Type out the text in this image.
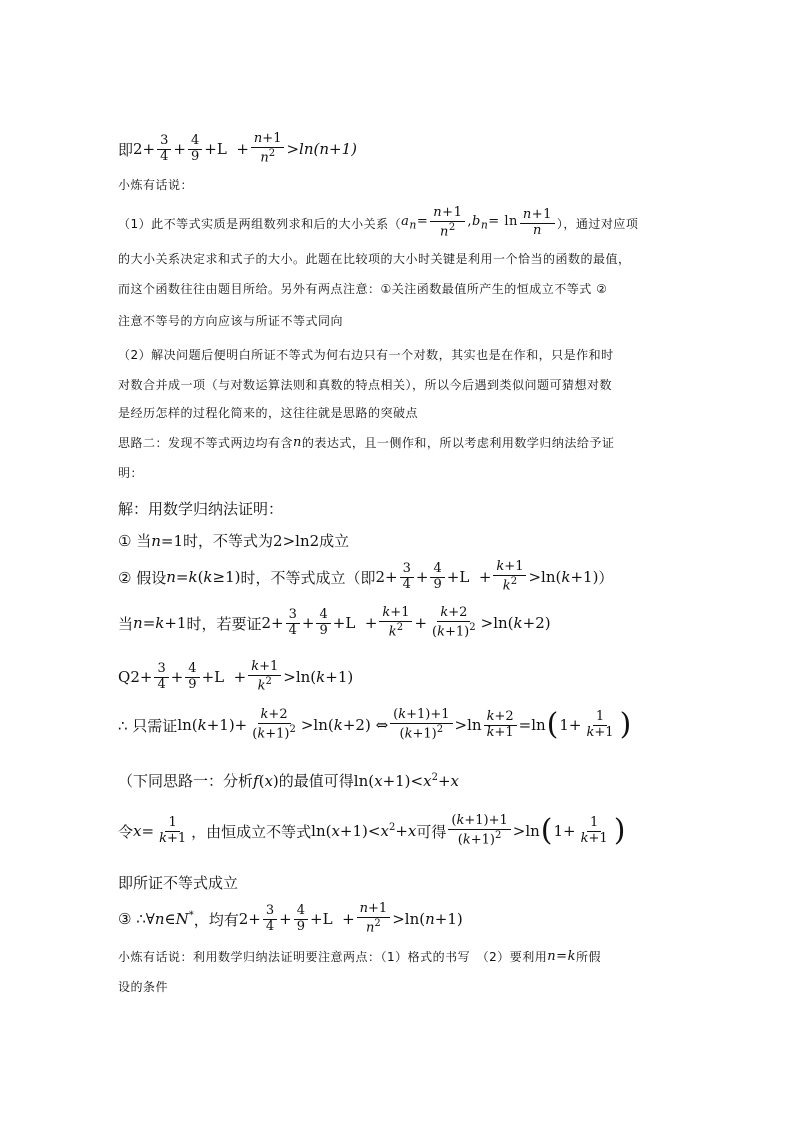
即 $2+ \frac{3}{4} + \frac{4}{9} +L + \frac{n+1}{n^2} > \ln(n+1)$
小炼有话说：
（1）此不等式实质是两组数列求和后的大小关系（ $a_n= \frac{n+1}{n^2} ,b_n= \ln \frac{n+1}{n}$ ），通过对应项
的大小关系决定求和式子的大小。此题在比较项的大小时关键是利用一个恰当的函数的最值，
而这个函数往往由题目所给。另外有两点注意：①关注函数最值所产生的恒成立不等式 ②
注意不等号的方向应该与所证不等式同向
（2）解决问题后便明白所证不等式为何右边只有一个对数，其实也是在作和，只是作和时
对数合并成一项（与对数运算法则和真数的特点相关），所以今后遇到类似问题可猜想对数
是经历怎样的过程化简来的，这往往就是思路的突破点
思路二：发现不等式两边均有含 n 的表达式，且一侧作和，所以考虑利用数学归纳法给予证
明：
解：用数学归纳法证明：
① 当 n=1 时，不等式为 2>ln2 成立
② 假设 n=k(k≥1) 时，不等式成立（即 $2+ \frac{3}{4} + \frac{4}{9} +L + \frac{k+1}{k^2} >\ln(k+1)$ ）
当 n=k+1 时，若要证 $2+ \frac{3}{4} + \frac{4}{9} +L + \frac{k+1}{k^2} + \frac{k+2}{(k+1)^2} >\ln(k+2)$
Q $2+ \frac{3}{4} + \frac{4}{9} +L + \frac{k+1}{k^2} >\ln(k+1)$
∴ 只需证 $\ln(k+1)+ \frac{k+2}{(k+1)^2} >\ln(k+2)$ ⇔ $\frac{(k+1)+1}{(k+1)^2} >\ln \frac{k+2}{k+1} =\ln$ ( $1+ \frac{1}{k+1}$ )
（下同思路一：分析 f(x) 的最值可得 $\ln(x+1)<x^2+x$
令 $x= \frac{1}{k+1}$ ，由恒成立不等式 $\ln(x+1)<x^2+x$ 可得 $\frac{(k+1)+1}{(k+1)^2} >\ln$ ( $1+ \frac{1}{k+1}$ )
即所证不等式成立
③ ∴ ∀n∈N* ，均有 $2+ \frac{3}{4} + \frac{4}{9} +L + \frac{n+1}{n^2} >\ln(n+1)$
小炼有话说：利用数学归纳法证明要注意两点：（1）格式的书写　（2）要利用 n=k 所假
设的条件
